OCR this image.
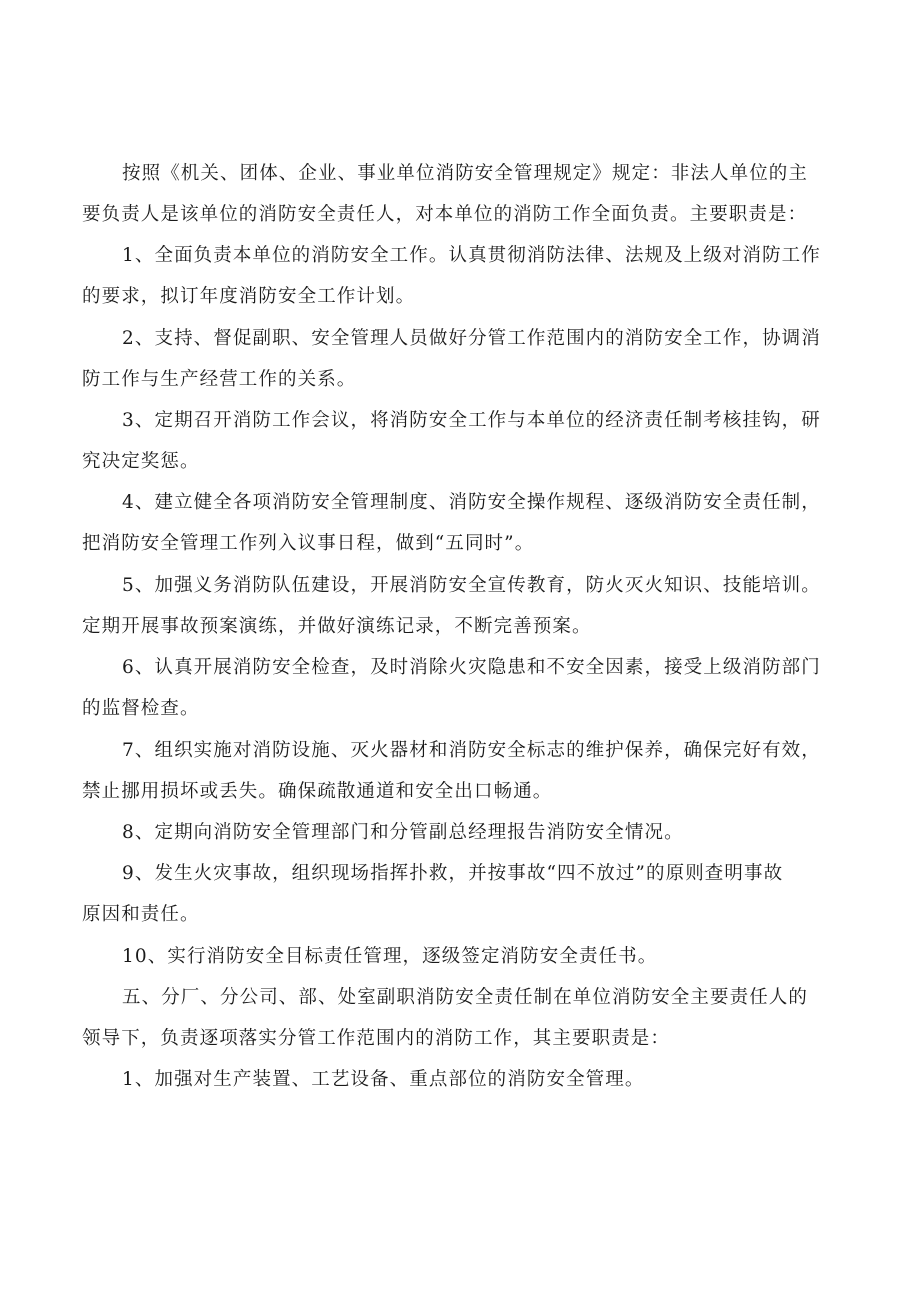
按照《机关、团体、企业、事业单位消防安全管理规定》规定：非法人单位的主
要负责人是该单位的消防安全责任人，对本单位的消防工作全面负责。主要职责是：

1、全面负责本单位的消防安全工作。认真贯彻消防法律、法规及上级对消防工作
的要求，拟订年度消防安全工作计划。

2、支持、督促副职、安全管理人员做好分管工作范围内的消防安全工作，协调消
防工作与生产经营工作的关系。

3、定期召开消防工作会议，将消防安全工作与本单位的经济责任制考核挂钩，研
究决定奖惩。

4、建立健全各项消防安全管理制度、消防安全操作规程、逐级消防安全责任制，
把消防安全管理工作列入议事日程，做到“五同时”。

5、加强义务消防队伍建设，开展消防安全宣传教育，防火灭火知识、技能培训。
定期开展事故预案演练，并做好演练记录，不断完善预案。

6、认真开展消防安全检查，及时消除火灾隐患和不安全因素，接受上级消防部门
的监督检查。

7、组织实施对消防设施、灭火器材和消防安全标志的维护保养，确保完好有效，
禁止挪用损坏或丢失。确保疏散通道和安全出口畅通。

8、定期向消防安全管理部门和分管副总经理报告消防安全情况。

9、发生火灾事故，组织现场指挥扑救，并按事故“四不放过”的原则查明事故
原因和责任。

10、实行消防安全目标责任管理，逐级签定消防安全责任书。

五、分厂、分公司、部、处室副职消防安全责任制在单位消防安全主要责任人的
领导下，负责逐项落实分管工作范围内的消防工作，其主要职责是：

1、加强对生产装置、工艺设备、重点部位的消防安全管理。
